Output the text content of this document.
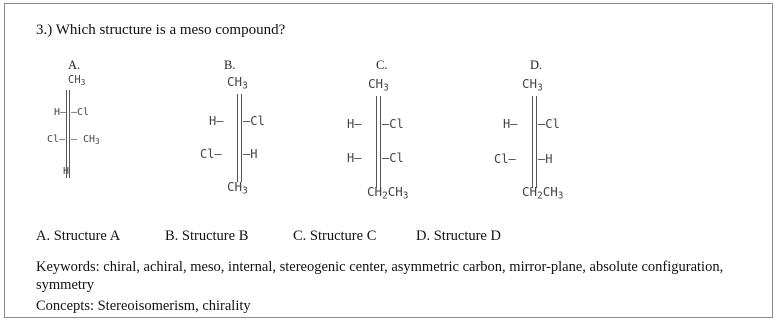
3.) Which structure is a meso compound?
A.
$CH_3$
H– –Cl
$Cl- - CH_3$
H
B.
$CH_3$
H– –Cl
Cl– –H
$CH_3$
C.
$CH_3$
H– –Cl
H– –Cl
$CH_2CH_3$
D.
$CH_3$
H– –Cl
Cl– –H
$CH_2CH_3$
A. Structure A	B. Structure B	C. Structure C	D. Structure D
Keywords: chiral, achiral, meso, internal, stereogenic center, asymmetric carbon, mirror-plane, absolute configuration, symmetry
Concepts: Stereoisomerism, chirality
